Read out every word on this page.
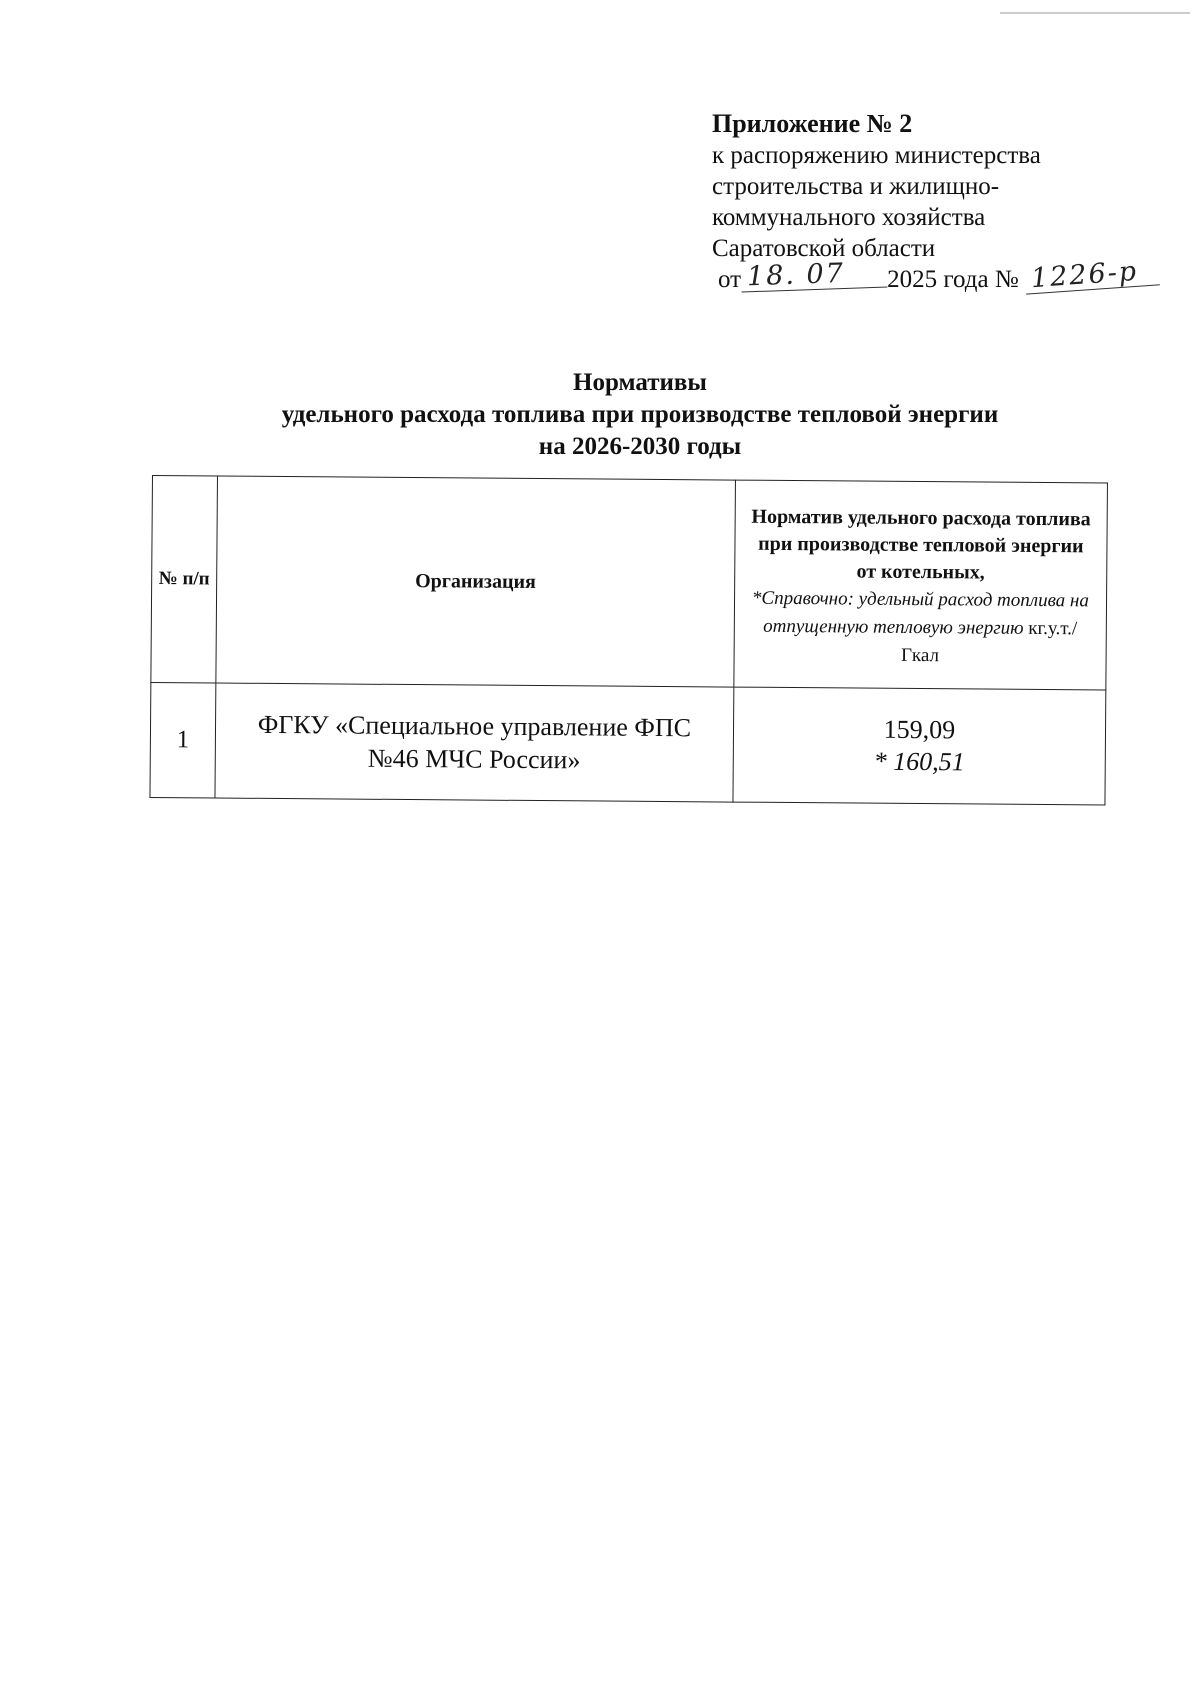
Приложение № 2
к распоряжению министерства
строительства и жилищно-
коммунального хозяйства
Саратовской области
от 18. 07 2025 года № 1226-р
Нормативы
удельного расхода топлива при производстве тепловой энергии
на 2026-2030 годы
№ п/п	Организация	Норматив удельного расхода топлива при производстве тепловой энергии от котельных,
*Справочно: удельный расход топлива на отпущенную тепловую энергию кг.у.т./Гкал

1	ФГКУ «Специальное управление ФПС №46 МЧС России»	159,09
* 160,51
